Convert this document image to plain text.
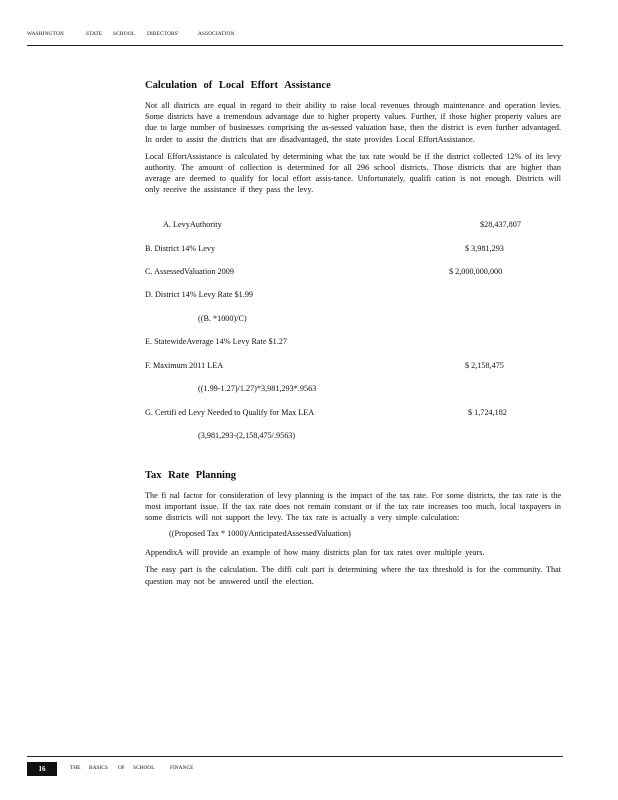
WASHINGTON	STATE SCHOOL DIRECTORS'	ASSOCIATION
Calculation of Local Effort Assistance

Not all districts are equal in regard to their ability to raise local revenues through maintenance and operation levies. Some districts have a tremendous advantage due to higher property values. Further, if those higher property values are due to large number of businesses comprising the as-sessed valuation base, then the district is even further advantaged. In order to assist the districts that are disadvantaged, the state provides Local EffortAssistance.

Local EffortAssistance is calculated by determining what the tax rate would be if the district collected 12% of its levy authority. The amount of collection is determined for all 296 school districts. Those districts that are higher than average are deemed to qualify for local effort assis-tance. Unfortunately, qualifi cation is not enough. Districts will only receive the assistance if they pass the levy.

A. LevyAuthority	$28,437,807
B. District 14% Levy	$ 3,981,293
C. AssessedValuation 2009	$ 2,000,000,000
D. District 14% Levy Rate $1.99
((B. *1000)/C)
E. StatewideAverage 14% Levy Rate $1.27
F. Maximum 2011 LEA	$ 2,158,475
((1.99-1.27)/1.27)*3,981,293*.9563
G. Certifi ed Levy Needed to Qualify for Max LEA	$ 1,724,182
(3,981,293-(2,158,475/.9563)
Tax Rate Planning

The fi nal factor for consideration of levy planning is the impact of the tax rate. For some districts, the tax rate is the most important issue. If the tax rate does not remain constant or if the tax rate increases too much, local taxpayers in some districts will not support the levy. The tax rate is actually a very simple calculation:

((Proposed Tax * 1000)/AnticipatedAssessedValuation)

AppendixA will provide an example of how many districts plan for tax rates over multiple years.

The easy part is the calculation. The diffi cult part is determining where the tax threshold is for the community. That question may not be answered until the election.

16	THE BASICS OF SCHOOL	FINANCE
